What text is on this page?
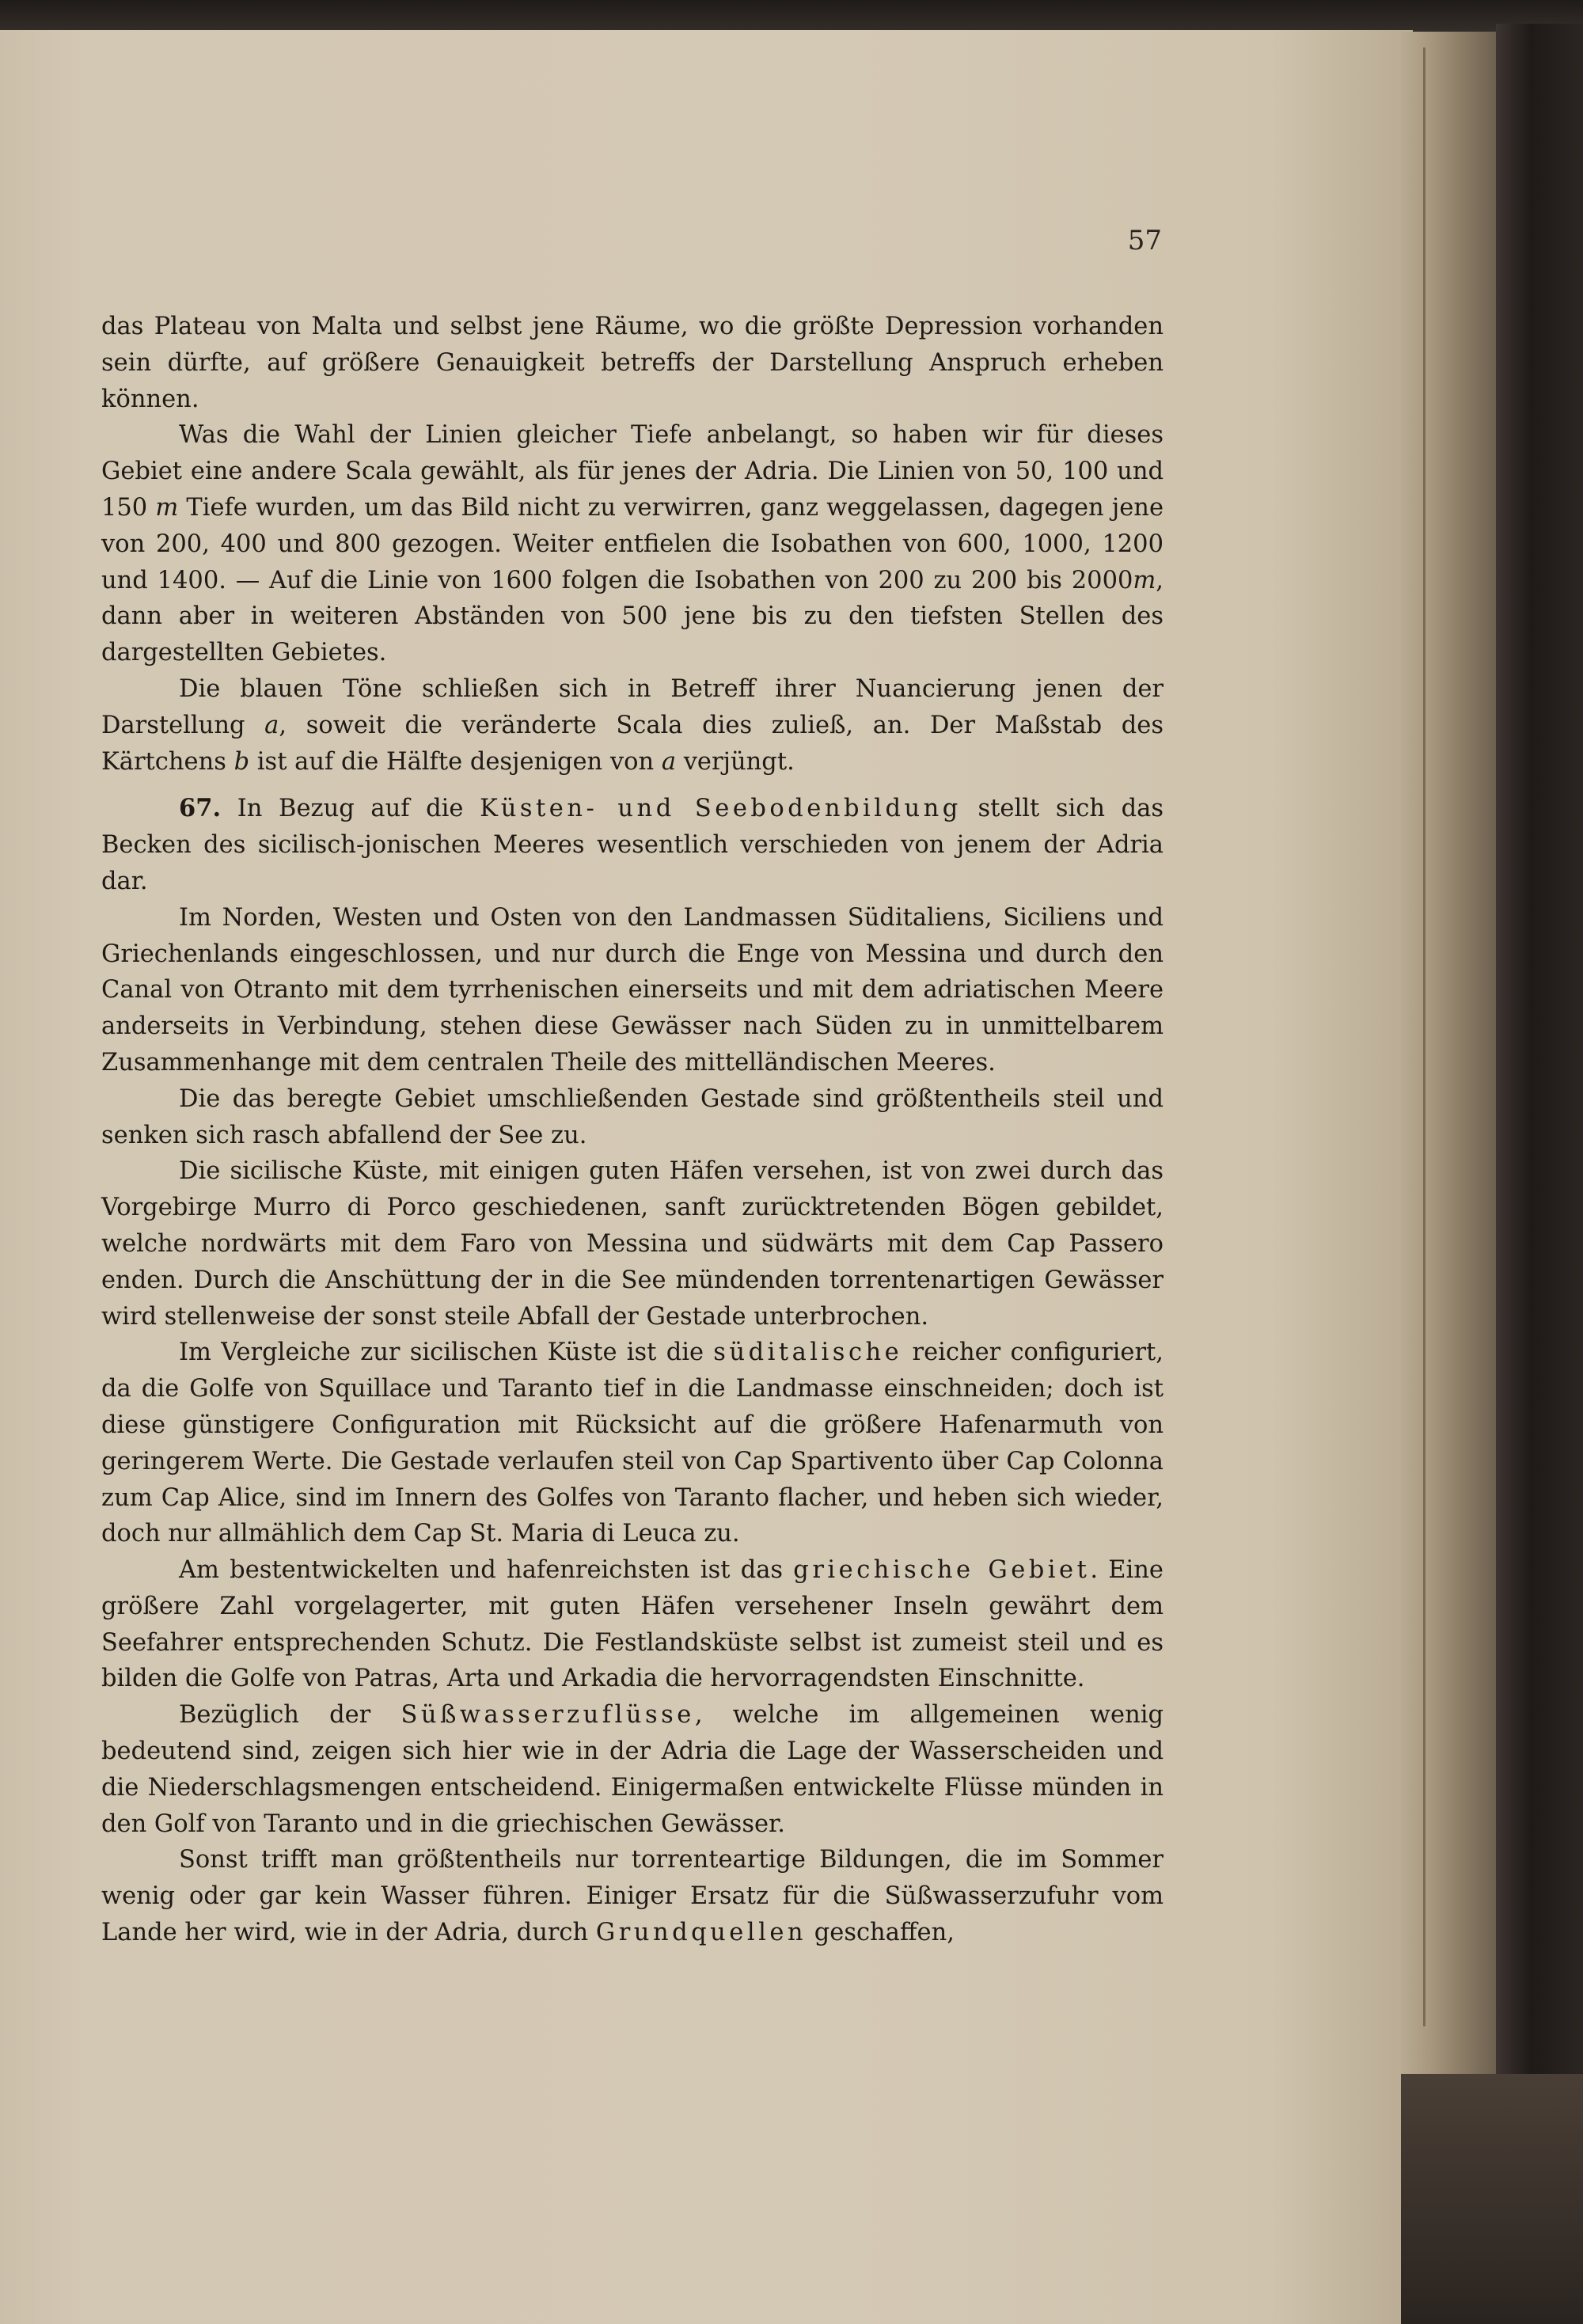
57

das Plateau von Malta und selbst jene Räume, wo die größte Depression vorhanden sein dürfte, auf größere Genauigkeit betreffs der Darstellung Anspruch erheben können.

Was die Wahl der Linien gleicher Tiefe anbelangt, so haben wir für dieses Gebiet eine andere Scala gewählt, als für jenes der Adria. Die Linien von 50, 100 und 150 m Tiefe wurden, um das Bild nicht zu verwirren, ganz weggelassen, dagegen jene von 200, 400 und 800 gezogen. Weiter entfielen die Isobathen von 600, 1000, 1200 und 1400. — Auf die Linie von 1600 folgen die Isobathen von 200 zu 200 bis 2000m, dann aber in weiteren Abständen von 500 jene bis zu den tiefsten Stellen des dargestellten Gebietes.

Die blauen Töne schließen sich in Betreff ihrer Nuancierung jenen der Darstellung a, soweit die veränderte Scala dies zuließ, an. Der Maßstab des Kärtchens b ist auf die Hälfte desjenigen von a verjüngt.

67. In Bezug auf die Küsten- und Seebodenbildung stellt sich das Becken des sicilisch-jonischen Meeres wesentlich verschieden von jenem der Adria dar.

Im Norden, Westen und Osten von den Landmassen Süditaliens, Siciliens und Griechenlands eingeschlossen, und nur durch die Enge von Messina und durch den Canal von Otranto mit dem tyrrhenischen einerseits und mit dem adriatischen Meere anderseits in Verbindung, stehen diese Gewässer nach Süden zu in unmittelbarem Zusammenhange mit dem centralen Theile des mittelländischen Meeres.

Die das beregte Gebiet umschließenden Gestade sind größtentheils steil und senken sich rasch abfallend der See zu.

Die sicilische Küste, mit einigen guten Häfen versehen, ist von zwei durch das Vorgebirge Murro di Porco geschiedenen, sanft zurücktretenden Bögen gebildet, welche nordwärts mit dem Faro von Messina und südwärts mit dem Cap Passero enden. Durch die Anschüttung der in die See mündenden torrentenartigen Gewässer wird stellenweise der sonst steile Abfall der Gestade unterbrochen.

Im Vergleiche zur sicilischen Küste ist die süditalische reicher configuriert, da die Golfe von Squillace und Taranto tief in die Landmasse einschneiden; doch ist diese günstigere Configuration mit Rücksicht auf die größere Hafenarmuth von geringerem Werte. Die Gestade verlaufen steil von Cap Spartivento über Cap Colonna zum Cap Alice, sind im Innern des Golfes von Taranto flacher, und heben sich wieder, doch nur allmählich dem Cap St. Maria di Leuca zu.

Am bestentwickelten und hafenreichsten ist das griechische Gebiet. Eine größere Zahl vorgelagerter, mit guten Häfen versehener Inseln gewährt dem Seefahrer entsprechenden Schutz. Die Festlandsküste selbst ist zumeist steil und es bilden die Golfe von Patras, Arta und Arkadia die hervorragendsten Einschnitte.

Bezüglich der Süßwasserzuflüsse, welche im allgemeinen wenig bedeutend sind, zeigen sich hier wie in der Adria die Lage der Wasserscheiden und die Niederschlagsmengen entscheidend. Einigermaßen entwickelte Flüsse münden in den Golf von Taranto und in die griechischen Gewässer.

Sonst trifft man größtentheils nur torrenteartige Bildungen, die im Sommer wenig oder gar kein Wasser führen. Einiger Ersatz für die Süßwasserzufuhr vom Lande her wird, wie in der Adria, durch Grundquellen geschaffen,
